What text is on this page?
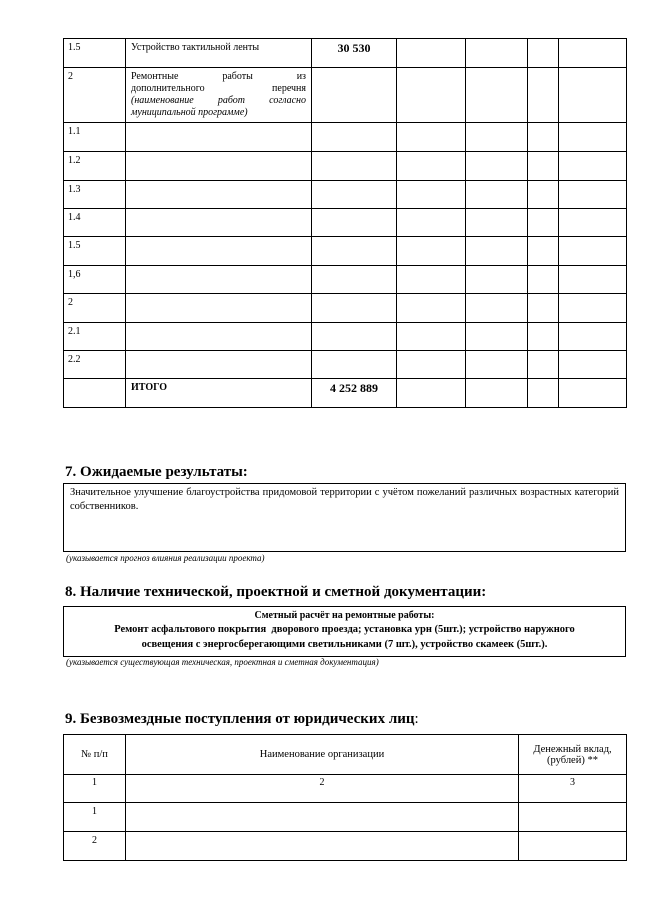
1.5	Устройство тактильной ленты	30 530				
2	Ремонтные работы из
дополнительного перечня
(наименование работ согласно
муниципальной программе)					

1.1						
1.2						
1.3						
1.4						
1.5						
1,6						
2						
2.1						
2.2						
	ИТОГО	4 252 889				
7. Ожидаемые результаты:
Значительное улучшение благоустройства придомовой территории с учётом пожеланий различных возрастных категорий собственников.
(указывается прогноз влияния реализации проекта)
8. Наличие технической, проектной и сметной документации:
Сметный расчёт на ремонтные работы:
Ремонт асфальтового покрытия  дворового проезда; установка урн (5шт.); устройство наружного
освещения с энергосберегающими светильниками (7 шт.), устройство скамеек (5шт.).
(указывается существующая техническая, проектная и сметная документация)
9. Безвозмездные поступления от юридических лиц:
№ п/п	Наименование организации	Денежный вклад, (рублей) **
1	2	3
1		
2		
